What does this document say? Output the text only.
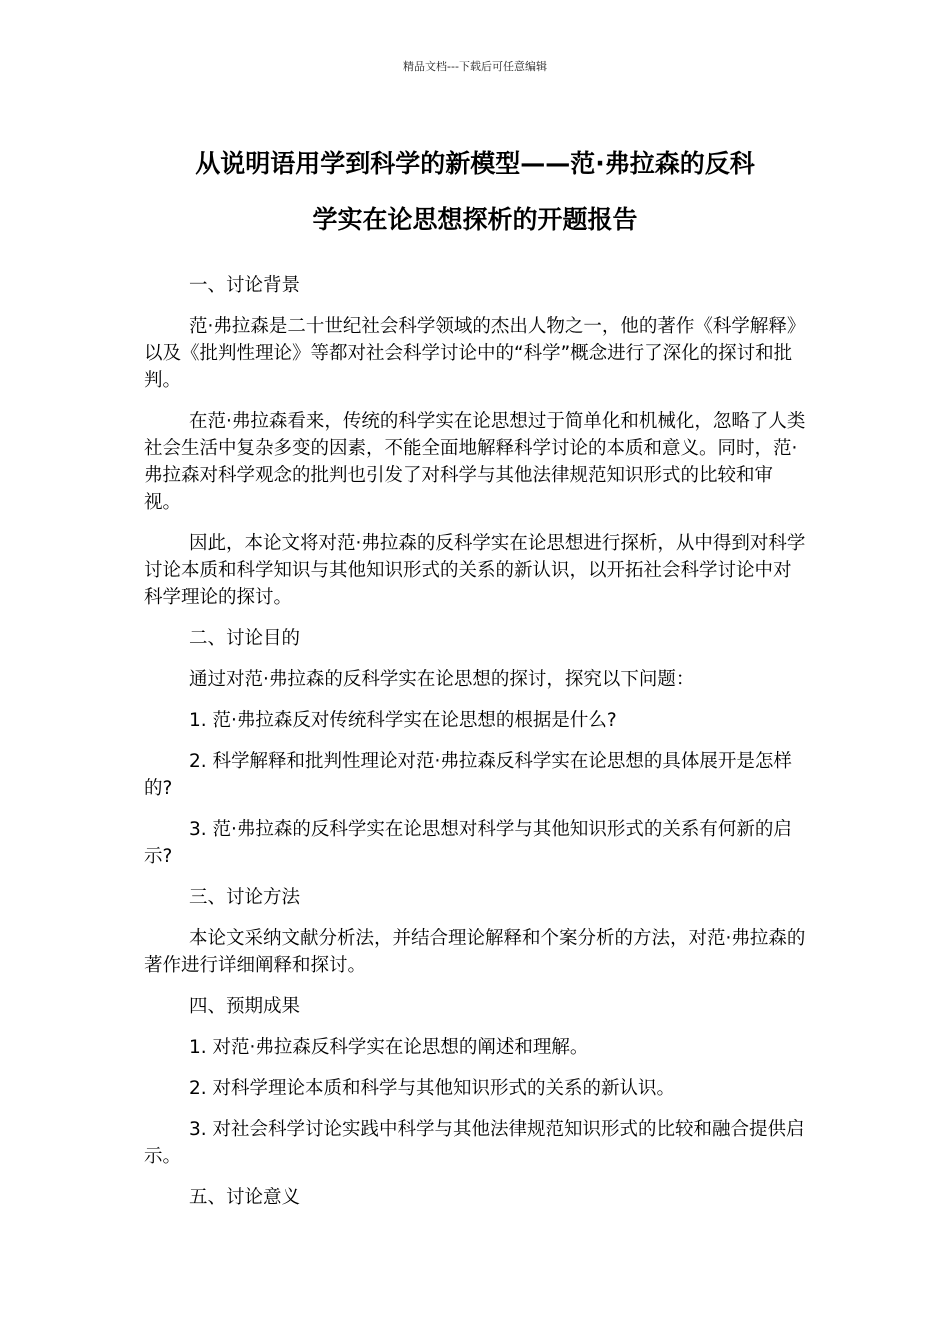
精品文档---下载后可任意编辑
从说明语用学到科学的新模型——范·弗拉森的反科
学实在论思想探析的开题报告

一、讨论背景

范·弗拉森是二十世纪社会科学领域的杰出人物之一，他的著作《科学解释》以及《批判性理论》等都对社会科学讨论中的“科学”概念进行了深化的探讨和批判。

在范·弗拉森看来，传统的科学实在论思想过于简单化和机械化，忽略了人类社会生活中复杂多变的因素，不能全面地解释科学讨论的本质和意义。同时，范·弗拉森对科学观念的批判也引发了对科学与其他法律规范知识形式的比较和审视。

因此，本论文将对范·弗拉森的反科学实在论思想进行探析，从中得到对科学讨论本质和科学知识与其他知识形式的关系的新认识，以开拓社会科学讨论中对科学理论的探讨。

二、讨论目的

通过对范·弗拉森的反科学实在论思想的探讨，探究以下问题：

1. 范·弗拉森反对传统科学实在论思想的根据是什么?

2. 科学解释和批判性理论对范·弗拉森反科学实在论思想的具体展开是怎样的?

3. 范·弗拉森的反科学实在论思想对科学与其他知识形式的关系有何新的启示?

三、讨论方法

本论文采纳文献分析法，并结合理论解释和个案分析的方法，对范·弗拉森的著作进行详细阐释和探讨。

四、预期成果

1. 对范·弗拉森反科学实在论思想的阐述和理解。

2. 对科学理论本质和科学与其他知识形式的关系的新认识。

3. 对社会科学讨论实践中科学与其他法律规范知识形式的比较和融合提供启示。

五、讨论意义
